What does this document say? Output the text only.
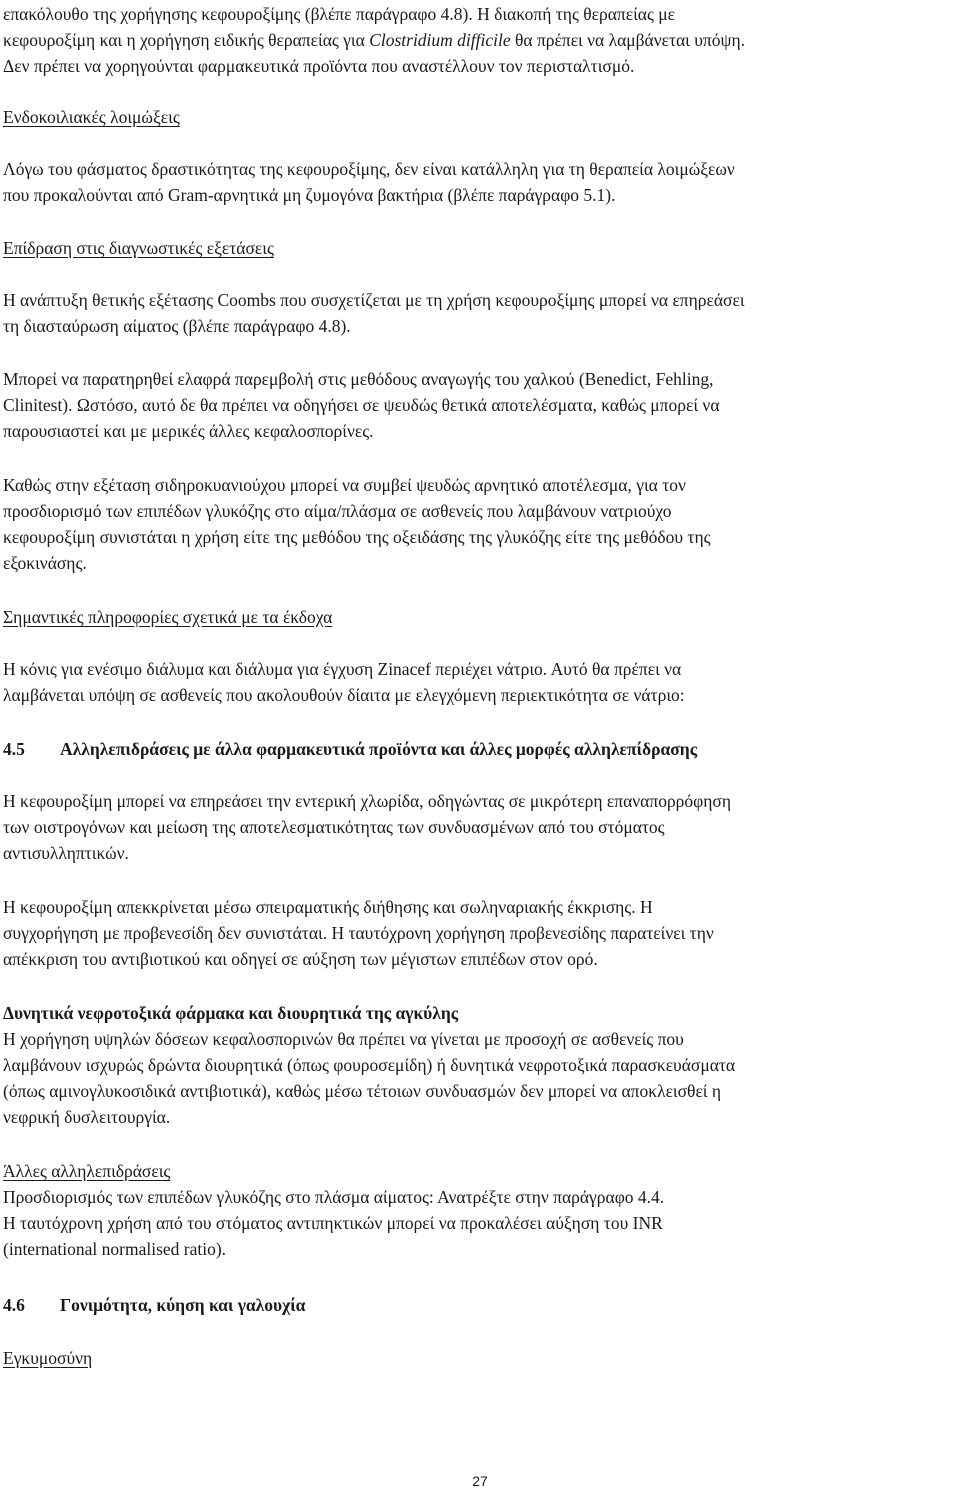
επακόλουθο της χορήγησης κεφουροξίμης (βλέπε παράγραφο 4.8). Η διακοπή της θεραπείας με

κεφουροξίμη και η χορήγηση ειδικής θεραπείας για Clostridium difficile θα πρέπει να λαμβάνεται υπόψη.

Δεν πρέπει να χορηγούνται φαρμακευτικά προϊόντα που αναστέλλουν τον περισταλτισμό.

Ενδοκοιλιακές λοιμώξεις

Λόγω του φάσματος δραστικότητας της κεφουροξίμης, δεν είναι κατάλληλη για τη θεραπεία λοιμώξεων

που προκαλούνται από Gram-αρνητικά μη ζυμογόνα βακτήρια (βλέπε παράγραφο 5.1).

Επίδραση στις διαγνωστικές εξετάσεις

Η ανάπτυξη θετικής εξέτασης Coombs που συσχετίζεται με τη χρήση κεφουροξίμης μπορεί να επηρεάσει

τη διασταύρωση αίματος (βλέπε παράγραφο 4.8).

Μπορεί να παρατηρηθεί ελαφρά παρεμβολή στις μεθόδους αναγωγής του χαλκού (Benedict, Fehling,

Clinitest). Ωστόσο, αυτό δε θα πρέπει να οδηγήσει σε ψευδώς θετικά αποτελέσματα, καθώς μπορεί να

παρουσιαστεί και με μερικές άλλες κεφαλοσπορίνες.

Καθώς στην εξέταση σιδηροκυανιούχου μπορεί να συμβεί ψευδώς αρνητικό αποτέλεσμα, για τον

προσδιορισμό των επιπέδων γλυκόζης στο αίμα/πλάσμα σε ασθενείς που λαμβάνουν νατριούχο

κεφουροξίμη συνιστάται η χρήση είτε της μεθόδου της οξειδάσης της γλυκόζης είτε της μεθόδου της

εξοκινάσης.

Σημαντικές πληροφορίες σχετικά με τα έκδοχα

Η κόνις για ενέσιμο διάλυμα και διάλυμα για έγχυση Zinacef περιέχει νάτριο. Αυτό θα πρέπει να

λαμβάνεται υπόψη σε ασθενείς που ακολουθούν δίαιτα με ελεγχόμενη περιεκτικότητα σε νάτριο:

4.5	Αλληλεπιδράσεις με άλλα φαρμακευτικά προϊόντα και άλλες μορφές αλληλεπίδρασης

Η κεφουροξίμη μπορεί να επηρεάσει την εντερική χλωρίδα, οδηγώντας σε μικρότερη επαναπορρόφηση

των οιστρογόνων και μείωση της αποτελεσματικότητας των συνδυασμένων από του στόματος

αντισυλληπτικών.

Η κεφουροξίμη απεκκρίνεται μέσω σπειραματικής διήθησης και σωληναριακής έκκρισης. Η

συγχορήγηση με προβενεσίδη δεν συνιστάται. Η ταυτόχρονη χορήγηση προβενεσίδης παρατείνει την

απέκκριση του αντιβιοτικού και οδηγεί σε αύξηση των μέγιστων επιπέδων στον ορό.

Δυνητικά νεφροτοξικά φάρμακα και διουρητικά της αγκύλης

Η χορήγηση υψηλών δόσεων κεφαλοσπορινών θα πρέπει να γίνεται με προσοχή σε ασθενείς που

λαμβάνουν ισχυρώς δρώντα διουρητικά (όπως φουροσεμίδη) ή δυνητικά νεφροτοξικά παρασκευάσματα

(όπως αμινογλυκοσιδικά αντιβιοτικά), καθώς μέσω τέτοιων συνδυασμών δεν μπορεί να αποκλεισθεί η

νεφρική δυσλειτουργία.

Άλλες αλληλεπιδράσεις

Προσδιορισμός των επιπέδων γλυκόζης στο πλάσμα αίματος: Ανατρέξτε στην παράγραφο 4.4.

Η ταυτόχρονη χρήση από του στόματος αντιπηκτικών μπορεί να προκαλέσει αύξηση του INR

(international normalised ratio).

4.6	Γονιμότητα, κύηση και γαλουχία

Εγκυμοσύνη

27
